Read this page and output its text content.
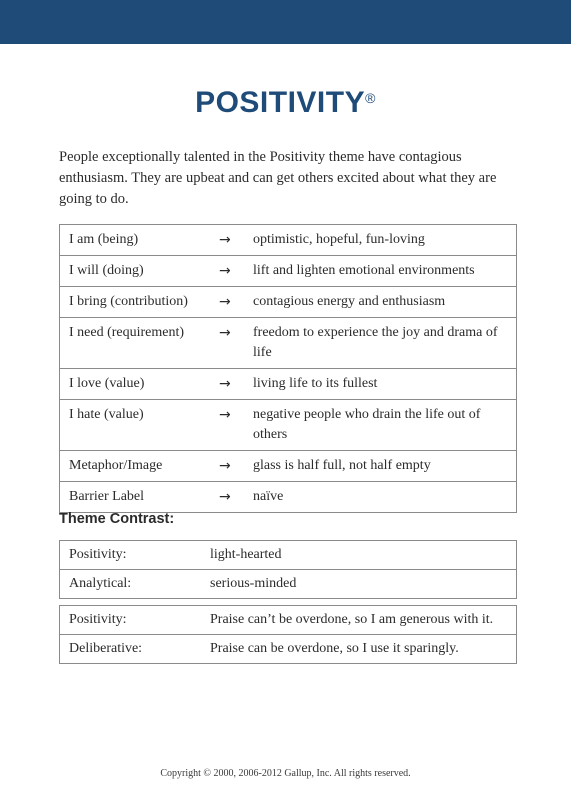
POSITIVITY®
People exceptionally talented in the Positivity theme have contagious enthusiasm. They are upbeat and can get others excited about what they are going to do.
I am (being)	→	optimistic, hopeful, fun-loving
I will (doing)	→	lift and lighten emotional environments
I bring (contribution)	→	contagious energy and enthusiasm
I need (requirement)	→	freedom to experience the joy and drama of life
I love (value)	→	living life to its fullest
I hate (value)	→	negative people who drain the life out of others
Metaphor/Image	→	glass is half full, not half empty
Barrier Label	→	naïve
Theme Contrast:
Positivity:	light-hearted
Analytical:	serious-minded
Positivity:	Praise can’t be overdone, so I am generous with it.
Deliberative:	Praise can be overdone, so I use it sparingly.
Copyright © 2000, 2006-2012 Gallup, Inc. All rights reserved.
